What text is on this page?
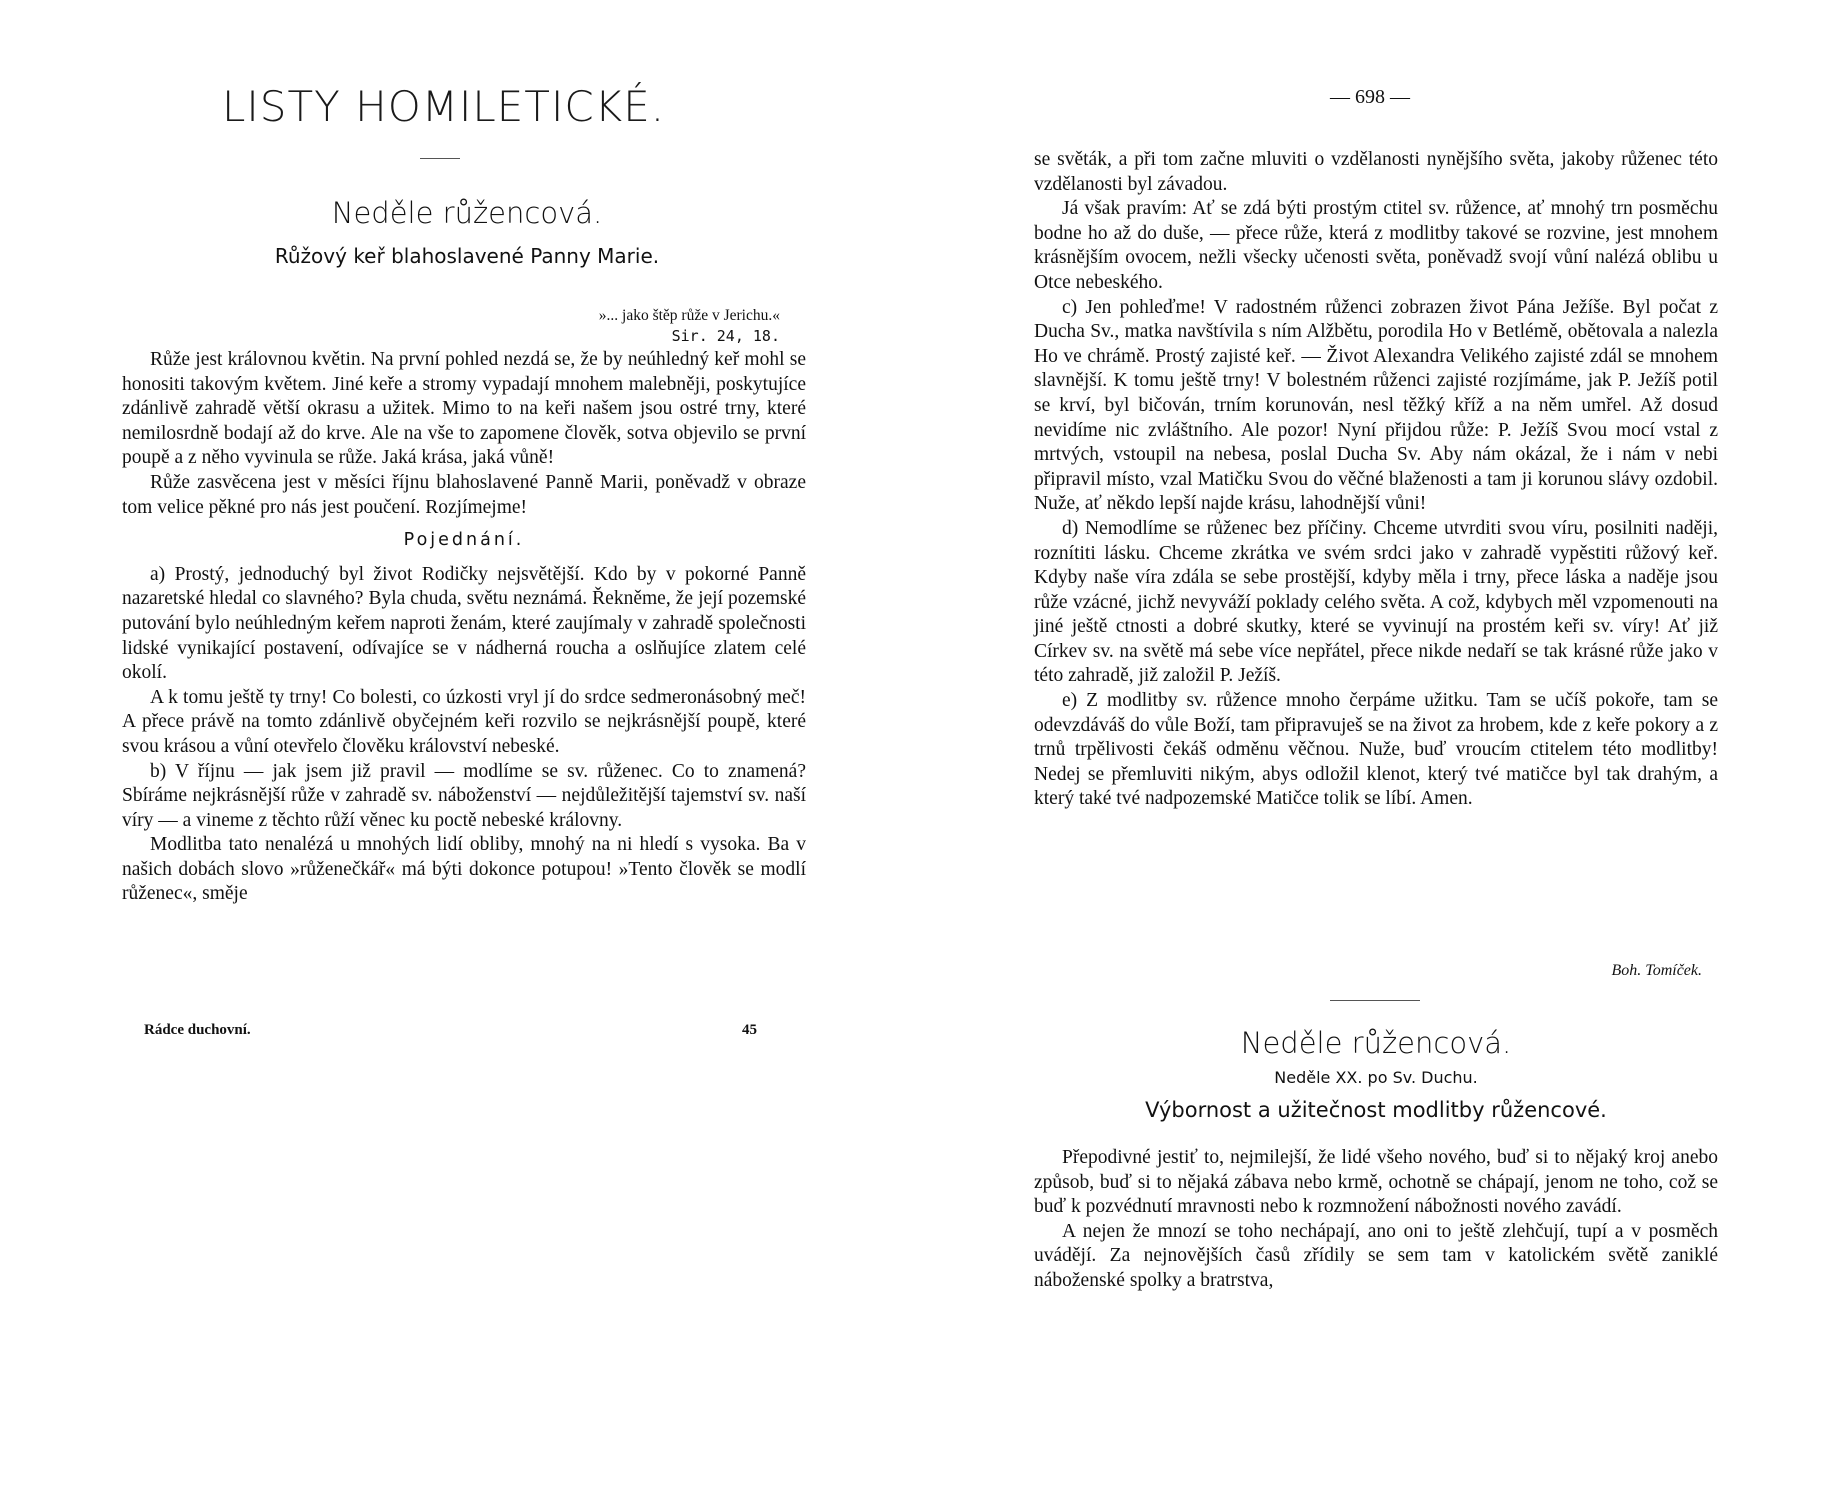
LISTY HOMILETICKÉ.
Neděle růžencová.
Růžový keř blahoslavené Panny Marie.
»... jako štěp růže v Jerichu.«
Sir. 24, 18.

Růže jest královnou květin. Na první pohled nezdá se, že by neúhledný keř mohl se honositi takovým květem. Jiné keře a stromy vypadají mnohem malebněji, poskytujíce zdánlivě zahradě větší okrasu a užitek. Mimo to na keři našem jsou ostré trny, které nemilosrdně bodají až do krve. Ale na vše to zapomene člověk, sotva objevilo se první poupě a z něho vyvinula se růže. Jaká krása, jaká vůně!

Růže zasvěcena jest v měsíci říjnu blahoslavené Panně Marii, poněvadž v obraze tom velice pěkné pro nás jest poučení. Rozjímejme!

Pojednání.

a) Prostý, jednoduchý byl život Rodičky nejsvětější. Kdo by v pokorné Panně nazaretské hledal co slavného? Byla chuda, světu neznámá. Řekněme, že její pozemské putování bylo neúhledným keřem naproti ženám, které zaujímaly v zahradě společnosti lidské vynikající postavení, odívajíce se v nádherná roucha a oslňujíce zlatem celé okolí.

A k tomu ještě ty trny! Co bolesti, co úzkosti vryl jí do srdce sedmeronásobný meč! A přece právě na tomto zdánlivě obyčejném keři rozvilo se nejkrásnější poupě, které svou krásou a vůní otevřelo člověku království nebeské.

b) V říjnu — jak jsem již pravil — modlíme se sv. růženec. Co to znamená? Sbíráme nejkrásnější růže v zahradě sv. náboženství — nejdůležitější tajemství sv. naší víry — a vineme z těchto růží věnec ku poctě nebeské královny.

Modlitba tato nenalézá u mnohých lidí obliby, mnohý na ni hledí s vysoka. Ba v našich dobách slovo »růženečkář« má býti dokonce potupou! »Tento člověk se modlí růženec«, směje

Rádce duchovní.	45
— 698 —

se světák, a při tom začne mluviti o vzdělanosti nynějšího světa, jakoby růženec této vzdělanosti byl závadou.

Já však pravím: Ať se zdá býti prostým ctitel sv. růžence, ať mnohý trn posměchu bodne ho až do duše, — přece růže, která z modlitby takové se rozvine, jest mnohem krásnějším ovocem, nežli všecky učenosti světa, poněvadž svojí vůní nalézá oblibu u Otce nebeského.

c) Jen pohleďme! V radostném růženci zobrazen život Pána Ježíše. Byl počat z Ducha Sv., matka navštívila s ním Alžbětu, porodila Ho v Betlémě, obětovala a nalezla Ho ve chrámě. Prostý zajisté keř. — Život Alexandra Velikého zajisté zdál se mnohem slavnější. K tomu ještě trny! V bolestném růženci zajisté rozjímáme, jak P. Ježíš potil se krví, byl bičován, trním korunován, nesl těžký kříž a na něm umřel. Až dosud nevidíme nic zvláštního. Ale pozor! Nyní přijdou růže: P. Ježíš Svou mocí vstal z mrtvých, vstoupil na nebesa, poslal Ducha Sv. Aby nám okázal, že i nám v nebi připravil místo, vzal Matičku Svou do věčné blaženosti a tam ji korunou slávy ozdobil. Nuže, ať někdo lepší najde krásu, lahodnější vůni!

d) Nemodlíme se růženec bez příčiny. Chceme utvrditi svou víru, posilniti naději, roznítiti lásku. Chceme zkrátka ve svém srdci jako v zahradě vypěstiti růžový keř. Kdyby naše víra zdála se sebe prostější, kdyby měla i trny, přece láska a naděje jsou růže vzácné, jichž nevyváží poklady celého světa. A což, kdybych měl vzpomenouti na jiné ještě ctnosti a dobré skutky, které se vyvinují na prostém keři sv. víry! Ať již Církev sv. na světě má sebe více nepřátel, přece nikde nedaří se tak krásné růže jako v této zahradě, již založil P. Ježíš.

e) Z modlitby sv. růžence mnoho čerpáme užitku. Tam se učíš pokoře, tam se odevzdáváš do vůle Boží, tam připravuješ se na život za hrobem, kde z keře pokory a z trnů trpělivosti čekáš odměnu věčnou. Nuže, buď vroucím ctitelem této modlitby! Nedej se přemluviti nikým, abys odložil klenot, který tvé matičce byl tak drahým, a který také tvé nadpozemské Matičce tolik se líbí. Amen.

Boh. Tomíček.
Neděle růžencová.
Neděle XX. po Sv. Duchu.
Výbornost a užitečnost modlitby růžencové.

Přepodivné jestiť to, nejmilejší, že lidé všeho nového, buď si to nějaký kroj anebo způsob, buď si to nějaká zábava nebo krmě, ochotně se chápají, jenom ne toho, což se buď k pozvédnutí mravnosti nebo k rozmnožení nábožnosti nového zavádí.

A nejen že mnozí se toho nechápají, ano oni to ještě zlehčují, tupí a v posměch uvádějí. Za nejnovějších časů zřídily se sem tam v katolickém světě zaniklé náboženské spolky a bratrstva,
